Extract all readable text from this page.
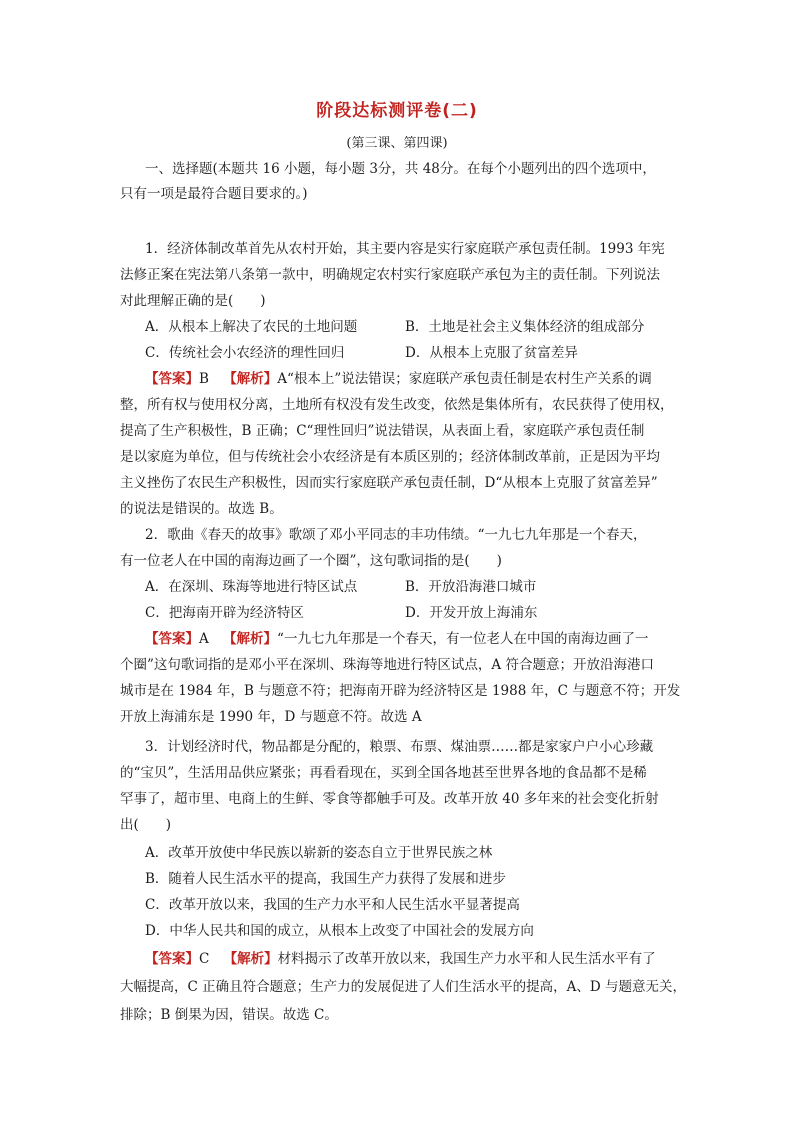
阶段达标测评卷(二)
(第三课、第四课)
一、选择题(本题共 16 小题，每小题 3分，共 48分。在每个小题列出的四个选项中，
只有一项是最符合题目要求的。)
1．经济体制改革首先从农村开始，其主要内容是实行家庭联产承包责任制。1993 年宪
法修正案在宪法第八条第一款中，明确规定农村实行家庭联产承包为主的责任制。下列说法
对此理解正确的是(　　)
A．从根本上解决了农民的土地问题	B．土地是社会主义集体经济的组成部分
C．传统社会小农经济的理性回归	D．从根本上克服了贫富差异
【答案】B 【解析】A“根本上”说法错误；家庭联产承包责任制是农村生产关系的调
整，所有权与使用权分离，土地所有权没有发生改变，依然是集体所有，农民获得了使用权，
提高了生产积极性，B 正确；C“理性回归”说法错误，从表面上看，家庭联产承包责任制
是以家庭为单位，但与传统社会小农经济是有本质区别的；经济体制改革前，正是因为平均
主义挫伤了农民生产积极性，因而实行家庭联产承包责任制，D“从根本上克服了贫富差异”
的说法是错误的。故选 B。
2．歌曲《春天的故事》歌颂了邓小平同志的丰功伟绩。“一九七九年那是一个春天，
有一位老人在中国的南海边画了一个圈”，这句歌词指的是(　　)
A．在深圳、珠海等地进行特区试点	B．开放沿海港口城市
C．把海南开辟为经济特区	D．开发开放上海浦东
【答案】A 【解析】“一九七九年那是一个春天，有一位老人在中国的南海边画了一
个圈”这句歌词指的是邓小平在深圳、珠海等地进行特区试点，A 符合题意；开放沿海港口
城市是在 1984 年，B 与题意不符；把海南开辟为经济特区是 1988 年，C 与题意不符；开发
开放上海浦东是 1990 年，D 与题意不符。故选 A
3．计划经济时代，物品都是分配的，粮票、布票、煤油票……都是家家户户小心珍藏
的“宝贝”，生活用品供应紧张；再看看现在，买到全国各地甚至世界各地的食品都不是稀
罕事了，超市里、电商上的生鲜、零食等都触手可及。改革开放 40 多年来的社会变化折射
出(　　)
A．改革开放使中华民族以崭新的姿态自立于世界民族之林
B．随着人民生活水平的提高，我国生产力获得了发展和进步
C．改革开放以来，我国的生产力水平和人民生活水平显著提高
D．中华人民共和国的成立，从根本上改变了中国社会的发展方向
【答案】C 【解析】材料揭示了改革开放以来，我国生产力水平和人民生活水平有了
大幅提高，C 正确且符合题意；生产力的发展促进了人们生活水平的提高，A、D 与题意无关，
排除；B 倒果为因，错误。故选 C。
